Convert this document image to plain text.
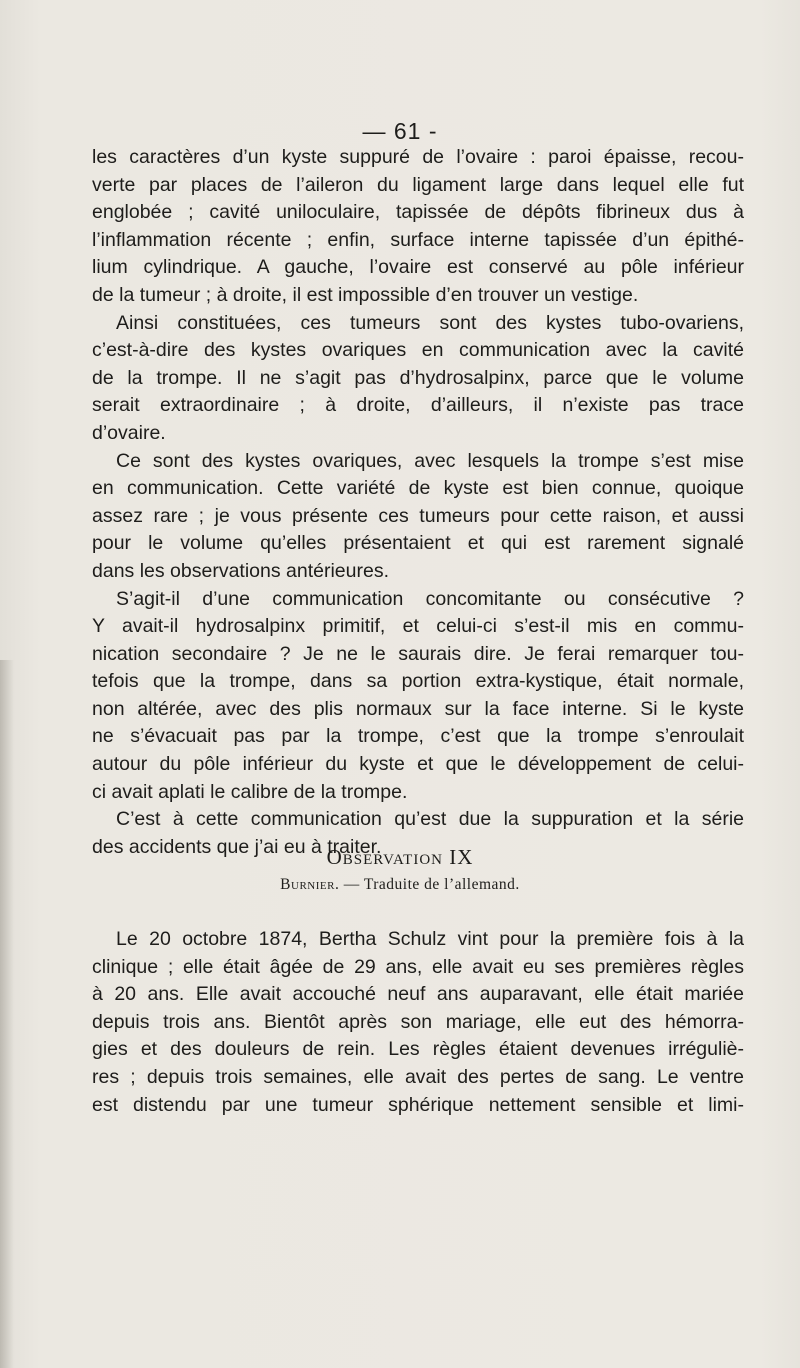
— 61 -
les caractères d’un kyste suppuré de l’ovaire : paroi épaisse, recou-
verte par places de l’aileron du ligament large dans lequel elle fut
englobée ; cavité uniloculaire, tapissée de dépôts fibrineux dus à
l’inflammation récente ; enfin, surface interne tapissée d’un épithé-
lium cylindrique. A gauche, l’ovaire est conservé au pôle inférieur
de la tumeur ; à droite, il est impossible d’en trouver un vestige.
Ainsi constituées, ces tumeurs sont des kystes tubo-ovariens,
c’est-à-dire des kystes ovariques en communication avec la cavité
de la trompe. Il ne s’agit pas d’hydrosalpinx, parce que le volume
serait extraordinaire ; à droite, d’ailleurs, il n’existe pas trace
d’ovaire.
Ce sont des kystes ovariques, avec lesquels la trompe s’est mise
en communication. Cette variété de kyste est bien connue, quoique
assez rare ; je vous présente ces tumeurs pour cette raison, et aussi
pour le volume qu’elles présentaient et qui est rarement signalé
dans les observations antérieures.
S’agit-il d’une communication concomitante ou consécutive ?
Y avait-il hydrosalpinx primitif, et celui-ci s’est-il mis en commu-
nication secondaire ? Je ne le saurais dire. Je ferai remarquer tou-
tefois que la trompe, dans sa portion extra-kystique, était normale,
non altérée, avec des plis normaux sur la face interne. Si le kyste
ne s’évacuait pas par la trompe, c’est que la trompe s’enroulait
autour du pôle inférieur du kyste et que le développement de celui-
ci avait aplati le calibre de la trompe.
C’est à cette communication qu’est due la suppuration et la série
des accidents que j’ai eu à traiter.
Observation IX
Burnier. — Traduite de l’allemand.
Le 20 octobre 1874, Bertha Schulz vint pour la première fois à la
clinique ; elle était âgée de 29 ans, elle avait eu ses premières règles
à 20 ans. Elle avait accouché neuf ans auparavant, elle était mariée
depuis trois ans. Bientôt après son mariage, elle eut des hémorra-
gies et des douleurs de rein. Les règles étaient devenues irréguliè-
res ; depuis trois semaines, elle avait des pertes de sang. Le ventre
est distendu par une tumeur sphérique nettement sensible et limi-
